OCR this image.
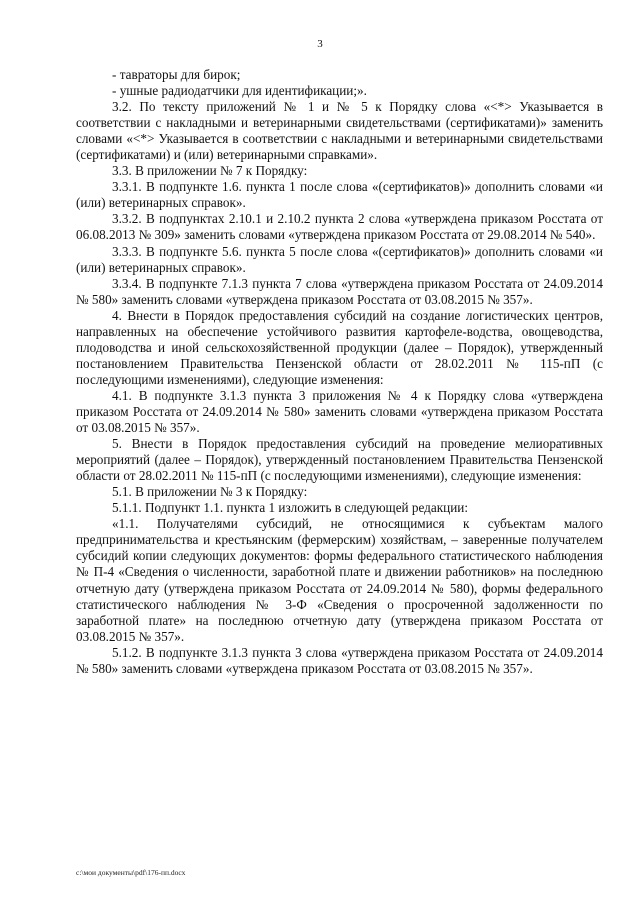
3

- тавраторы для бирок;

- ушные радиодатчики для идентификации;».

3.2. По тексту приложений № 1 и № 5 к Порядку слова «<*> Указывается в соответствии с накладными и ветеринарными свидетельствами (сертификатами)» заменить словами «<*> Указывается в соответствии с накладными и ветеринарными свидетельствами (сертификатами) и (или) ветеринарными справками».

3.3. В приложении № 7 к Порядку:

3.3.1. В подпункте 1.6. пункта 1 после слова «(сертификатов)» дополнить словами «и (или) ветеринарных справок».

3.3.2. В подпунктах 2.10.1 и 2.10.2 пункта 2 слова «утверждена приказом Росстата от 06.08.2013 № 309» заменить словами «утверждена приказом Росстата от 29.08.2014 № 540».

3.3.3. В подпункте 5.6. пункта 5 после слова «(сертификатов)» дополнить словами «и (или) ветеринарных справок».

3.3.4. В подпункте 7.1.3 пункта 7 слова «утверждена приказом Росстата от 24.09.2014 № 580» заменить словами «утверждена приказом Росстата от 03.08.2015 № 357».

4. Внести в Порядок предоставления субсидий на создание логистических центров, направленных на обеспечение устойчивого развития картофеле-водства, овощеводства, плодоводства и иной сельскохозяйственной продукции (далее – Порядок), утвержденный постановлением Правительства Пензенской области от 28.02.2011 № 115-пП (с последующими изменениями), следующие изменения:

4.1. В подпункте 3.1.3 пункта 3 приложения № 4 к Порядку слова «утверждена приказом Росстата от 24.09.2014 № 580» заменить словами «утверждена приказом Росстата от 03.08.2015 № 357».

5. Внести в Порядок предоставления субсидий на проведение мелиоративных мероприятий (далее – Порядок), утвержденный постановлением Правительства Пензенской области от 28.02.2011 № 115-пП (с последующими изменениями), следующие изменения:

5.1. В приложении № 3 к Порядку:

5.1.1. Подпункт 1.1. пункта 1 изложить в следующей редакции:

«1.1. Получателями субсидий, не относящимися к субъектам малого предпринимательства и крестьянским (фермерским) хозяйствам, – заверенные получателем субсидий копии следующих документов: формы федерального статистического наблюдения № П-4 «Сведения о численности, заработной плате и движении работников» на последнюю отчетную дату (утверждена приказом Росстата от 24.09.2014 № 580), формы федерального статистического наблюдения № 3-Ф «Сведения о просроченной задолженности по заработной плате» на последнюю отчетную дату (утверждена приказом Росстата от 03.08.2015 № 357».

5.1.2. В подпункте 3.1.3 пункта 3 слова «утверждена приказом Росстата от 24.09.2014 № 580» заменить словами «утверждена приказом Росстата от 03.08.2015 № 357».

c:\мои документы\pdf\176-пп.docx
